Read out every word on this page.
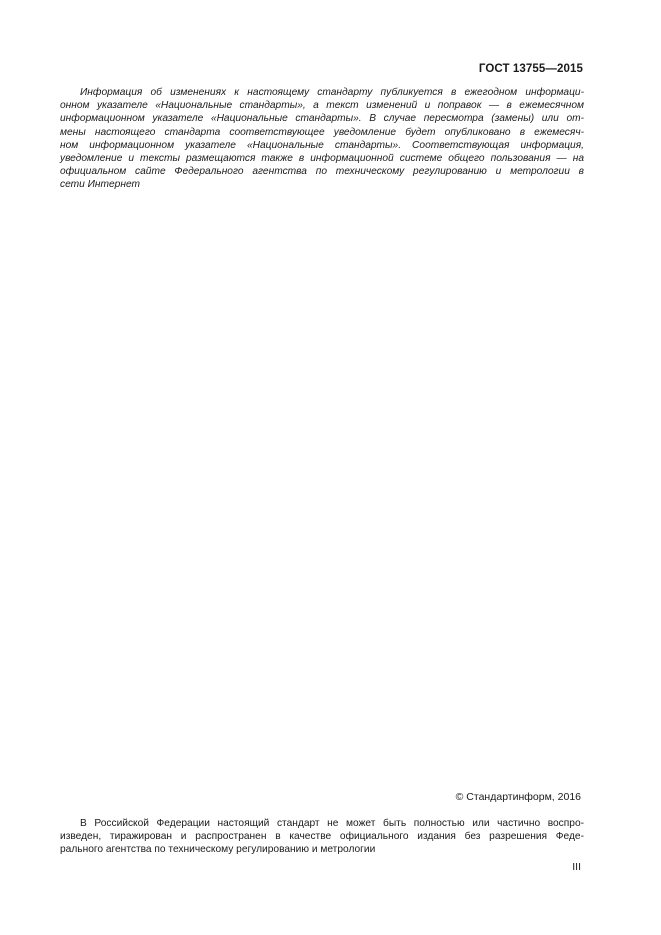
ГОСТ 13755—2015

Информация об изменениях к настоящему стандарту публикуется в ежегодном информаци-

онном указателе «Национальные стандарты», а текст изменений и поправок — в ежемесячном

информационном указателе «Национальные стандарты». В случае пересмотра (замены) или от-

мены настоящего стандарта соответствующее уведомление будет опубликовано в ежемесяч-

ном информационном указателе «Национальные стандарты». Соответствующая информация,

уведомление и тексты размещаются также в информационной системе общего пользования — на

официальном сайте Федерального агентства по техническому регулированию и метрологии в

сети Интернет

© Стандартинформ, 2016

В Российской Федерации настоящий стандарт не может быть полностью или частично воспро-

изведен, тиражирован и распространен в качестве официального издания без разрешения Феде-

рального агентства по техническому регулированию и метрологии

III
